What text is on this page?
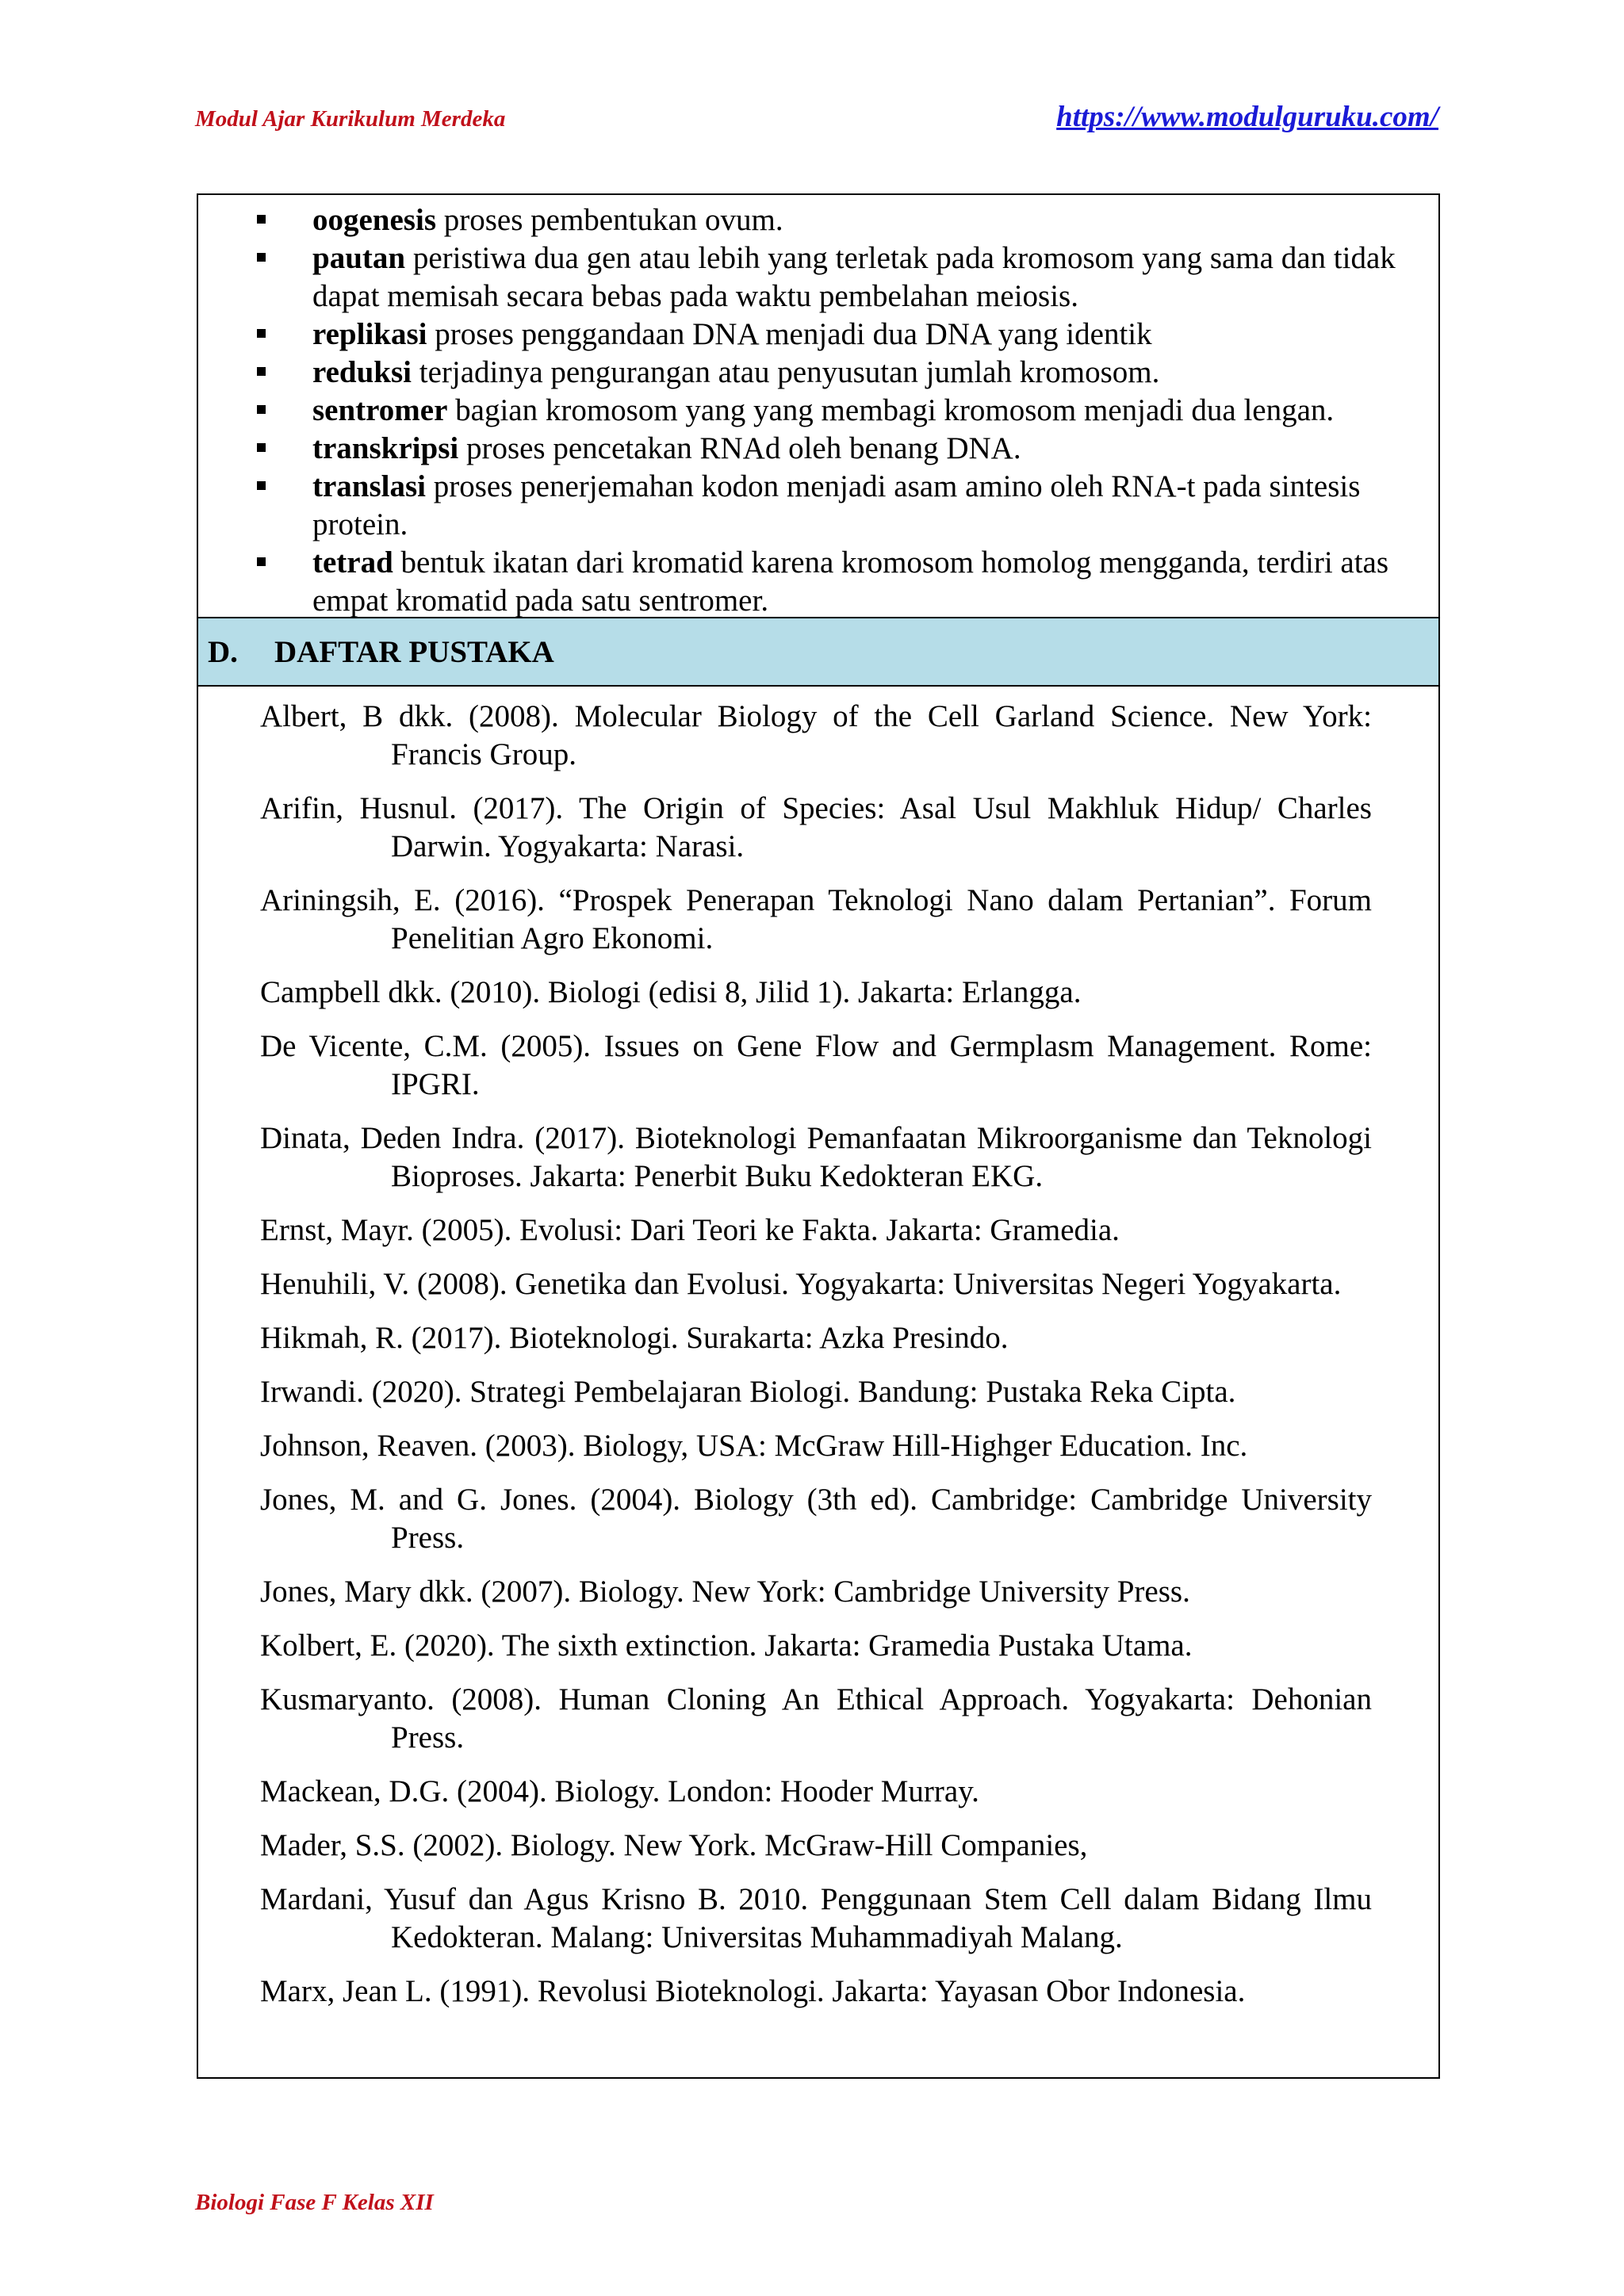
Modul Ajar Kurikulum Merdeka	https://www.modulguruku.com/
oogenesis proses pembentukan ovum.
pautan peristiwa dua gen atau lebih yang terletak pada kromosom yang sama dan tidak dapat memisah secara bebas pada waktu pembelahan meiosis.
replikasi proses penggandaan DNA menjadi dua DNA yang identik
reduksi terjadinya pengurangan atau penyusutan jumlah kromosom.
sentromer bagian kromosom yang yang membagi kromosom menjadi dua lengan.
transkripsi proses pencetakan RNAd oleh benang DNA.
translasi proses penerjemahan kodon menjadi asam amino oleh RNA-t pada sintesis protein.
tetrad bentuk ikatan dari kromatid karena kromosom homolog mengganda, terdiri atas empat kromatid pada satu sentromer.
D.	DAFTAR PUSTAKA
Albert, B dkk. (2008). Molecular Biology of the Cell Garland Science. New York: Francis Group.
Arifin, Husnul. (2017). The Origin of Species: Asal Usul Makhluk Hidup/ Charles Darwin. Yogyakarta: Narasi.
Ariningsih, E. (2016). “Prospek Penerapan Teknologi Nano dalam Pertanian”. Forum Penelitian Agro Ekonomi.
Campbell dkk. (2010). Biologi (edisi 8, Jilid 1). Jakarta: Erlangga.
De Vicente, C.M. (2005). Issues on Gene Flow and Germplasm Management. Rome: IPGRI.
Dinata, Deden Indra. (2017). Bioteknologi Pemanfaatan Mikroorganisme dan Teknologi Bioproses. Jakarta: Penerbit Buku Kedokteran EKG.
Ernst, Mayr. (2005). Evolusi: Dari Teori ke Fakta. Jakarta: Gramedia.
Henuhili, V. (2008). Genetika dan Evolusi. Yogyakarta: Universitas Negeri Yogyakarta.
Hikmah, R. (2017). Bioteknologi. Surakarta: Azka Presindo.
Irwandi. (2020). Strategi Pembelajaran Biologi. Bandung: Pustaka Reka Cipta.
Johnson, Reaven. (2003). Biology, USA: McGraw Hill-Highger Education. Inc.
Jones, M. and G. Jones. (2004). Biology (3th ed). Cambridge: Cambridge University Press.
Jones, Mary dkk. (2007). Biology. New York: Cambridge University Press.
Kolbert, E. (2020). The sixth extinction. Jakarta: Gramedia Pustaka Utama.
Kusmaryanto. (2008). Human Cloning An Ethical Approach. Yogyakarta: Dehonian Press.
Mackean, D.G. (2004). Biology. London: Hooder Murray.
Mader, S.S. (2002). Biology. New York. McGraw-Hill Companies,
Mardani, Yusuf dan Agus Krisno B. 2010. Penggunaan Stem Cell dalam Bidang Ilmu Kedokteran. Malang: Universitas Muhammadiyah Malang.
Marx, Jean L. (1991). Revolusi Bioteknologi. Jakarta: Yayasan Obor Indonesia.
Biologi Fase F Kelas XII
